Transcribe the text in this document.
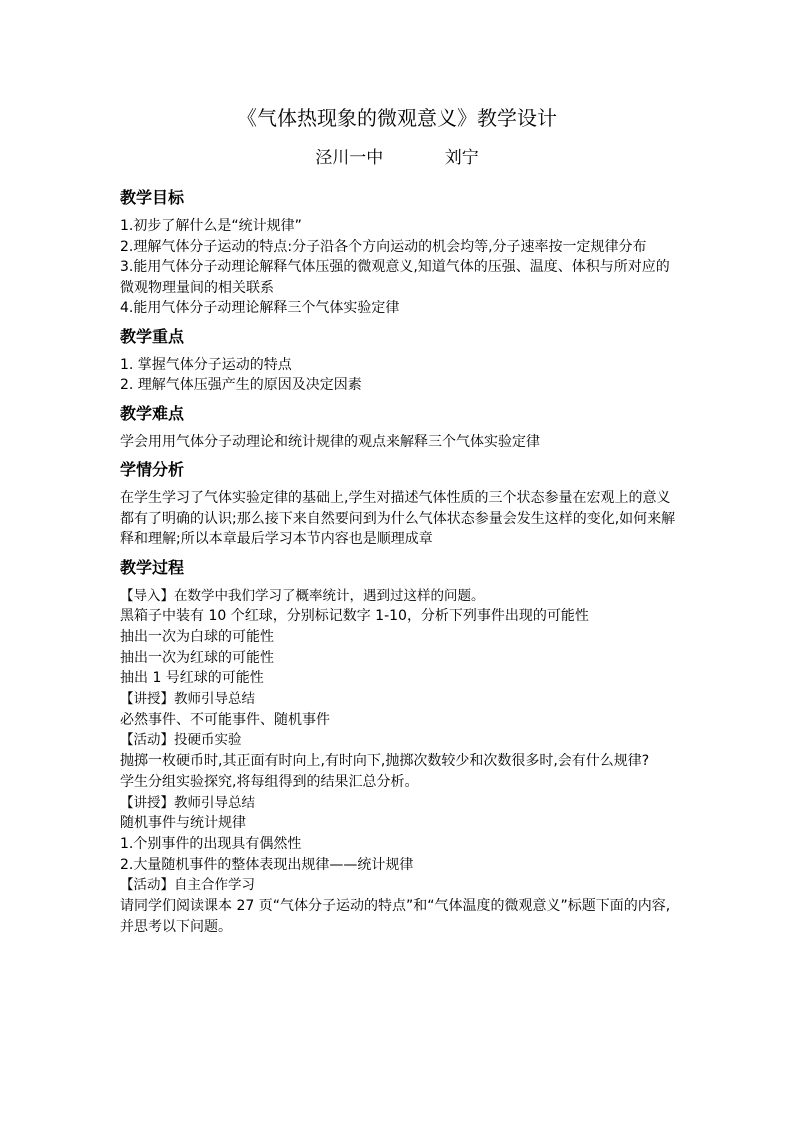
《气体热现象的微观意义》教学设计
泾川一中	刘宁
教学目标

1.初步了解什么是“统计规律”

2.理解气体分子运动的特点:分子沿各个方向运动的机会均等,分子速率按一定规律分布

3.能用气体分子动理论解释气体压强的微观意义,知道气体的压强、温度、体积与所对应的微观物理量间的相关联系

4.能用气体分子动理论解释三个气体实验定律

教学重点

1. 掌握气体分子运动的特点

2. 理解气体压强产生的原因及决定因素

教学难点

学会用用气体分子动理论和统计规律的观点来解释三个气体实验定律

学情分析

在学生学习了气体实验定律的基础上,学生对描述气体性质的三个状态参量在宏观上的意义都有了明确的认识;那么接下来自然要问到为什么气体状态参量会发生这样的变化,如何来解释和理解;所以本章最后学习本节内容也是顺理成章

教学过程

【导入】在数学中我们学习了概率统计，遇到过这样的问题。

黑箱子中装有 10 个红球，分别标记数字 1-10，分析下列事件出现的可能性

抽出一次为白球的可能性

抽出一次为红球的可能性

抽出 1 号红球的可能性

【讲授】教师引导总结

必然事件、不可能事件、随机事件

【活动】投硬币实验

抛掷一枚硬币时,其正面有时向上,有时向下,抛掷次数较少和次数很多时,会有什么规律?

学生分组实验探究,将每组得到的结果汇总分析。

【讲授】教师引导总结

随机事件与统计规律

1.个别事件的出现具有偶然性

2.大量随机事件的整体表现出规律——统计规律

【活动】自主合作学习

请同学们阅读课本 27 页“气体分子运动的特点”和“气体温度的微观意义”标题下面的内容,并思考以下问题。
